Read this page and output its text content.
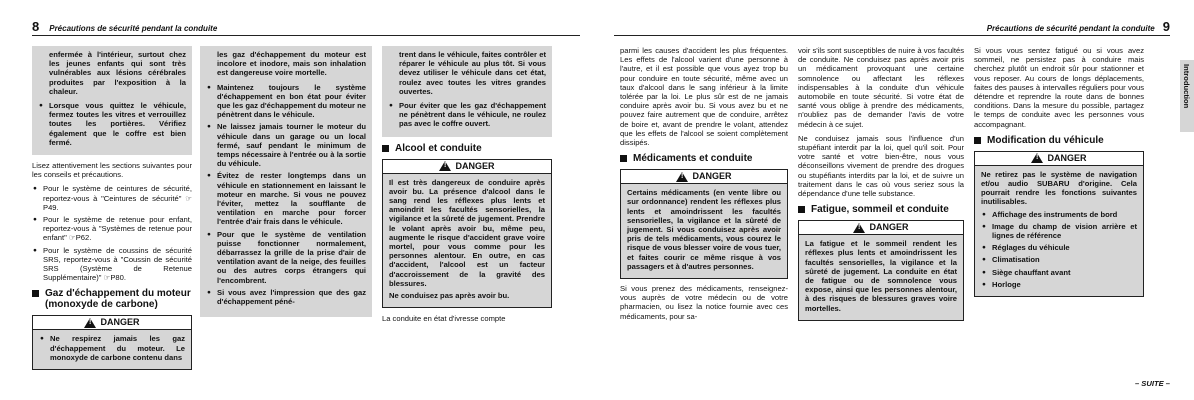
8 Précautions de sécurité pendant la conduite
enfermée à l'intérieur, surtout chez les jeunes enfants qui sont très vulnérables aux lésions cérébrales produites par l'exposition à la chaleur.
● Lorsque vous quittez le véhicule, fermez toutes les vitres et verrouillez toutes les portières. Vérifiez également que le coffre est bien fermé.
Lisez attentivement les sections suivantes pour les conseils et précautions.
● Pour le système de ceintures de sécurité, reportez-vous à "Ceintures de sécurité" ☞P49.
● Pour le système de retenue pour enfant, reportez-vous à "Systèmes de retenue pour enfant" ☞P62.
● Pour le système de coussins de sécurité SRS, reportez-vous à "Coussin de sécurité SRS (Système de Retenue Supplémentaire)" ☞P80.
Gaz d'échappement du moteur (monoxyde de carbone)
!
DANGER
● Ne respirez jamais les gaz d'échappement du moteur. Le monoxyde de carbone contenu dans
les gaz d'échappement du moteur est incolore et inodore, mais son inhalation est dangereuse voire mortelle.
● Maintenez toujours le système d'échappement en bon état pour éviter que les gaz d'échappement du moteur ne pénètrent dans le véhicule.
● Ne laissez jamais tourner le moteur du véhicule dans un garage ou un local fermé, sauf pendant le minimum de temps nécessaire à l'entrée ou à la sortie du véhicule.
● Évitez de rester longtemps dans un véhicule en stationnement en laissant le moteur en marche. Si vous ne pouvez l'éviter, mettez la soufflante de ventilation en marche pour forcer l'entrée d'air frais dans le véhicule.
● Pour que le système de ventilation puisse fonctionner normalement, débarrassez la grille de la prise d'air de ventilation avant de la neige, des feuilles ou des autres corps étrangers qui l'encombrent.
● Si vous avez l'impression que des gaz d'échappement péné-
trent dans le véhicule, faites contrôler et réparer le véhicule au plus tôt. Si vous devez utiliser le véhicule dans cet état, roulez avec toutes les vitres grandes ouvertes.
● Pour éviter que les gaz d'échappement ne pénètrent dans le véhicule, ne roulez pas avec le coffre ouvert.
Alcool et conduite
!
DANGER
Il est très dangereux de conduire après avoir bu. La présence d'alcool dans le sang rend les réflexes plus lents et amoindrit les facultés sensorielles, la vigilance et la sûreté de jugement. Prendre le volant après avoir bu, même peu, augmente le risque d'accident grave voire mortel, pour vous comme pour les personnes alentour. En outre, en cas d'accident, l'alcool est un facteur d'accroissement de la gravité des blessures.
Ne conduisez pas après avoir bu.
La conduite en état d'ivresse compte
Précautions de sécurité pendant la conduite 9
parmi les causes d'accident les plus fréquentes. Les effets de l'alcool varient d'une personne à l'autre, et il est possible que vous ayez trop bu pour conduire en toute sécurité, même avec un taux d'alcool dans le sang inférieur à la limite tolérée par la loi. Le plus sûr est de ne jamais conduire après avoir bu. Si vous avez bu et ne pouvez faire autrement que de conduire, arrêtez de boire et, avant de prendre le volant, attendez que les effets de l'alcool se soient complètement dissipés.
Médicaments et conduite
!
DANGER
Certains médicaments (en vente libre ou sur ordonnance) rendent les réflexes plus lents et amoindrissent les facultés sensorielles, la vigilance et la sûreté de jugement. Si vous conduisez après avoir pris de tels médicaments, vous courez le risque de vous blesser voire de vous tuer, et faites courir ce même risque à vos passagers et à d'autres personnes.
Si vous prenez des médicaments, renseignez-vous auprès de votre médecin ou de votre pharmacien, ou lisez la notice fournie avec ces médicaments, pour sa-
voir s'ils sont susceptibles de nuire à vos facultés de conduite. Ne conduisez pas après avoir pris un médicament provoquant une certaine somnolence ou affectant les réflexes indispensables à la conduite d'un véhicule automobile en toute sécurité. Si votre état de santé vous oblige à prendre des médicaments, n'oubliez pas de demander l'avis de votre médecin à ce sujet.
Ne conduisez jamais sous l'influence d'un stupéfiant interdit par la loi, quel qu'il soit. Pour votre santé et votre bien-être, nous vous déconseillons vivement de prendre des drogues ou stupéfiants interdits par la loi, et de suivre un traitement dans le cas où vous seriez sous la dépendance d'une telle substance.
Fatigue, sommeil et conduite
!
DANGER
La fatigue et le sommeil rendent les réflexes plus lents et amoindrissent les facultés sensorielles, la vigilance et la sûreté de jugement. La conduite en état de fatigue ou de somnolence vous expose, ainsi que les personnes alentour, à des risques de blessures graves voire mortelles.
Si vous vous sentez fatigué ou si vous avez sommeil, ne persistez pas à conduire mais cherchez plutôt un endroit sûr pour stationner et vous reposer. Au cours de longs déplacements, faites des pauses à intervalles réguliers pour vous détendre et reprendre la route dans de bonnes conditions. Dans la mesure du possible, partagez le temps de conduite avec les personnes vous accompagnant.
Modification du véhicule
!
DANGER
Ne retirez pas le système de navigation et/ou audio SUBARU d'origine. Cela pourrait rendre les fonctions suivantes inutilisables.
● Affichage des instruments de bord
● Image du champ de vision arrière et lignes de référence
● Réglages du véhicule
● Climatisation
● Siège chauffant avant
● Horloge
Introduction
– SUITE –
